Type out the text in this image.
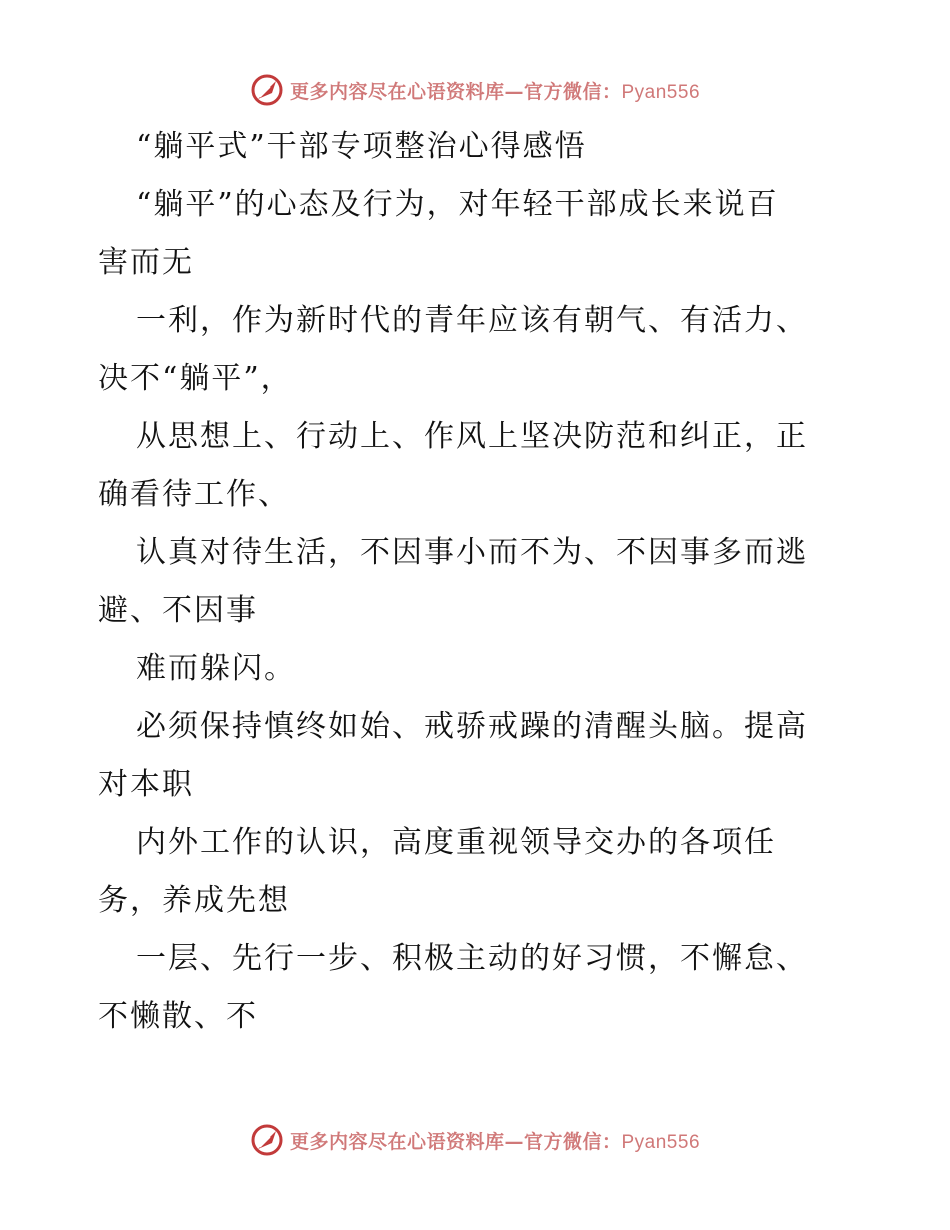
更多内容尽在心语资料库—官方微信：Pyan556
“躺平式”干部专项整治心得感悟
“躺平”的心态及行为，对年轻干部成长来说百
害而无
一利，作为新时代的青年应该有朝气、有活力、
决不“躺平”，
从思想上、行动上、作风上坚决防范和纠正，正
确看待工作、
认真对待生活，不因事小而不为、不因事多而逃
避、不因事
难而躲闪。
必须保持慎终如始、戒骄戒躁的清醒头脑。提高
对本职
内外工作的认识，高度重视领导交办的各项任
务，养成先想
一层、先行一步、积极主动的好习惯，不懈怠、
不懒散、不
更多内容尽在心语资料库—官方微信：Pyan556
